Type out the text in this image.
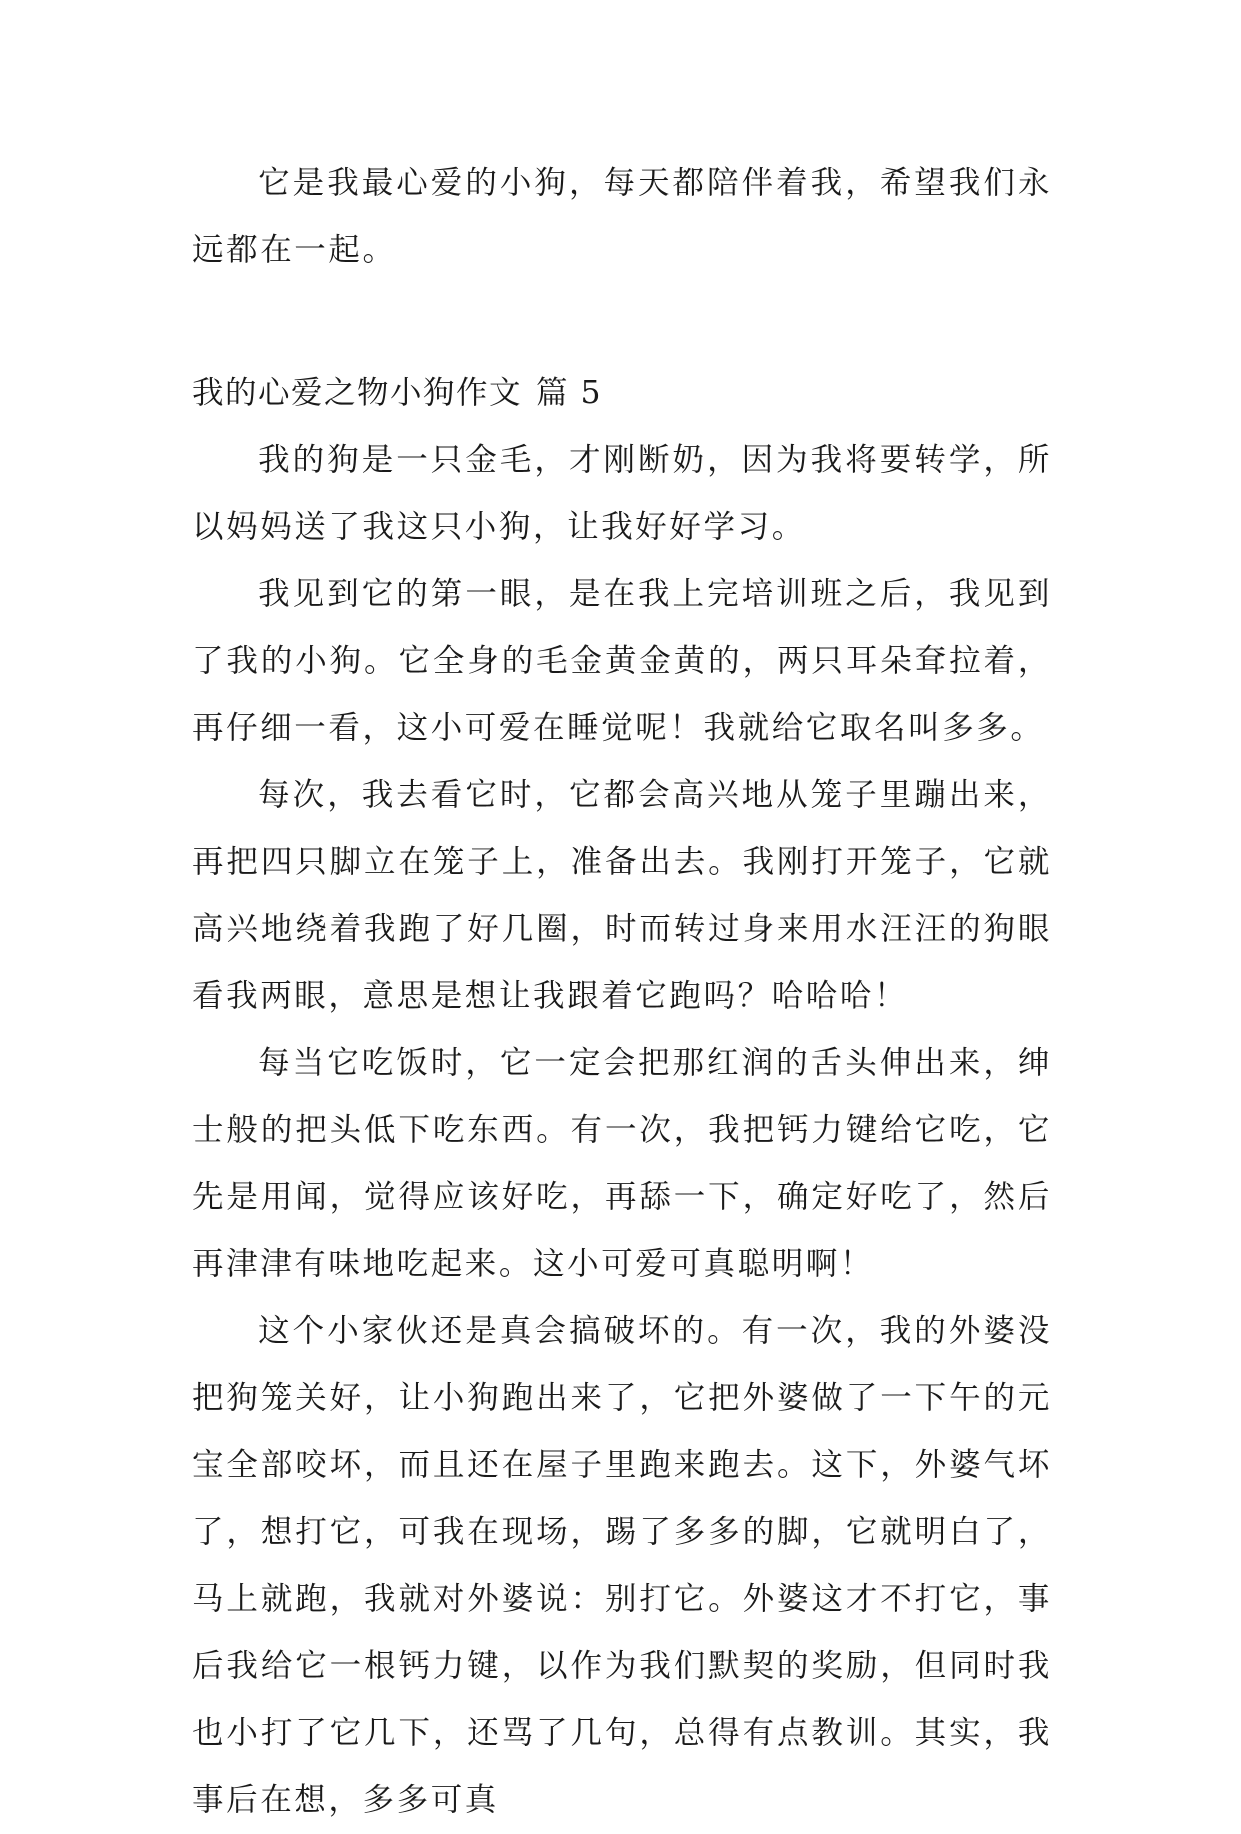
它是我最心爱的小狗，每天都陪伴着我，希望我们永远都在一起。

我的心爱之物小狗作文 篇 5

我的狗是一只金毛，才刚断奶，因为我将要转学，所以妈妈送了我这只小狗，让我好好学习。

我见到它的第一眼，是在我上完培训班之后，我见到了我的小狗。它全身的毛金黄金黄的，两只耳朵耷拉着，再仔细一看，这小可爱在睡觉呢！我就给它取名叫多多。

每次，我去看它时，它都会高兴地从笼子里蹦出来，再把四只脚立在笼子上，准备出去。我刚打开笼子，它就高兴地绕着我跑了好几圈，时而转过身来用水汪汪的狗眼看我两眼，意思是想让我跟着它跑吗？哈哈哈！

每当它吃饭时，它一定会把那红润的舌头伸出来，绅士般的把头低下吃东西。有一次，我把钙力键给它吃，它先是用闻，觉得应该好吃，再舔一下，确定好吃了，然后再津津有味地吃起来。这小可爱可真聪明啊！

这个小家伙还是真会搞破坏的。有一次，我的外婆没把狗笼关好，让小狗跑出来了，它把外婆做了一下午的元宝全部咬坏，而且还在屋子里跑来跑去。这下，外婆气坏了，想打它，可我在现场，踢了多多的脚，它就明白了，马上就跑，我就对外婆说：别打它。外婆这才不打它，事后我给它一根钙力键，以作为我们默契的奖励，但同时我也小打了它几下，还骂了几句，总得有点教训。其实，我事后在想，多多可真
